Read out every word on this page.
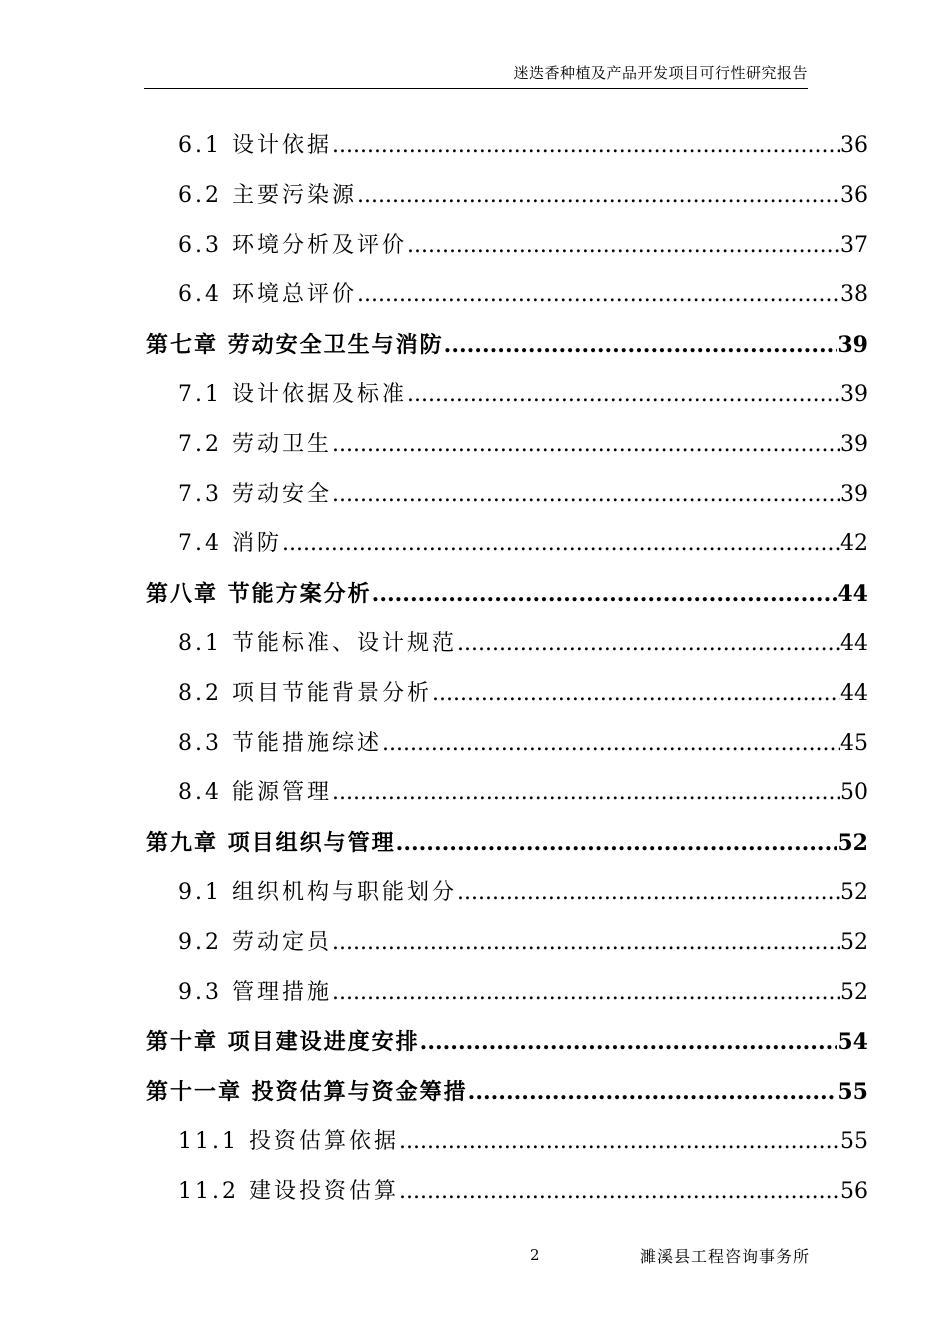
迷迭香种植及产品开发项目可行性研究报告
6.1 设计依据 .....	36
6.2 主要污染源 .....	36
6.3 环境分析及评价 .....	37
6.4 环境总评价 .....	38
第七章 劳动安全卫生与消防 .....	39
7.1 设计依据及标准 .....	39
7.2 劳动卫生 .....	39
7.3 劳动安全 .....	39
7.4 消防 .....	42
第八章 节能方案分析 .....	44
8.1 节能标准、设计规范 .....	44
8.2 项目节能背景分析 .....	44
8.3 节能措施综述 .....	45
8.4 能源管理 .....	50
第九章 项目组织与管理 .....	52
9.1 组织机构与职能划分 .....	52
9.2 劳动定员 .....	52
9.3 管理措施 .....	52
第十章 项目建设进度安排 .....	54
第十一章 投资估算与资金筹措 .....	55
11.1 投资估算依据 .....	55
11.2 建设投资估算 .....	56
2	濉溪县工程咨询事务所
